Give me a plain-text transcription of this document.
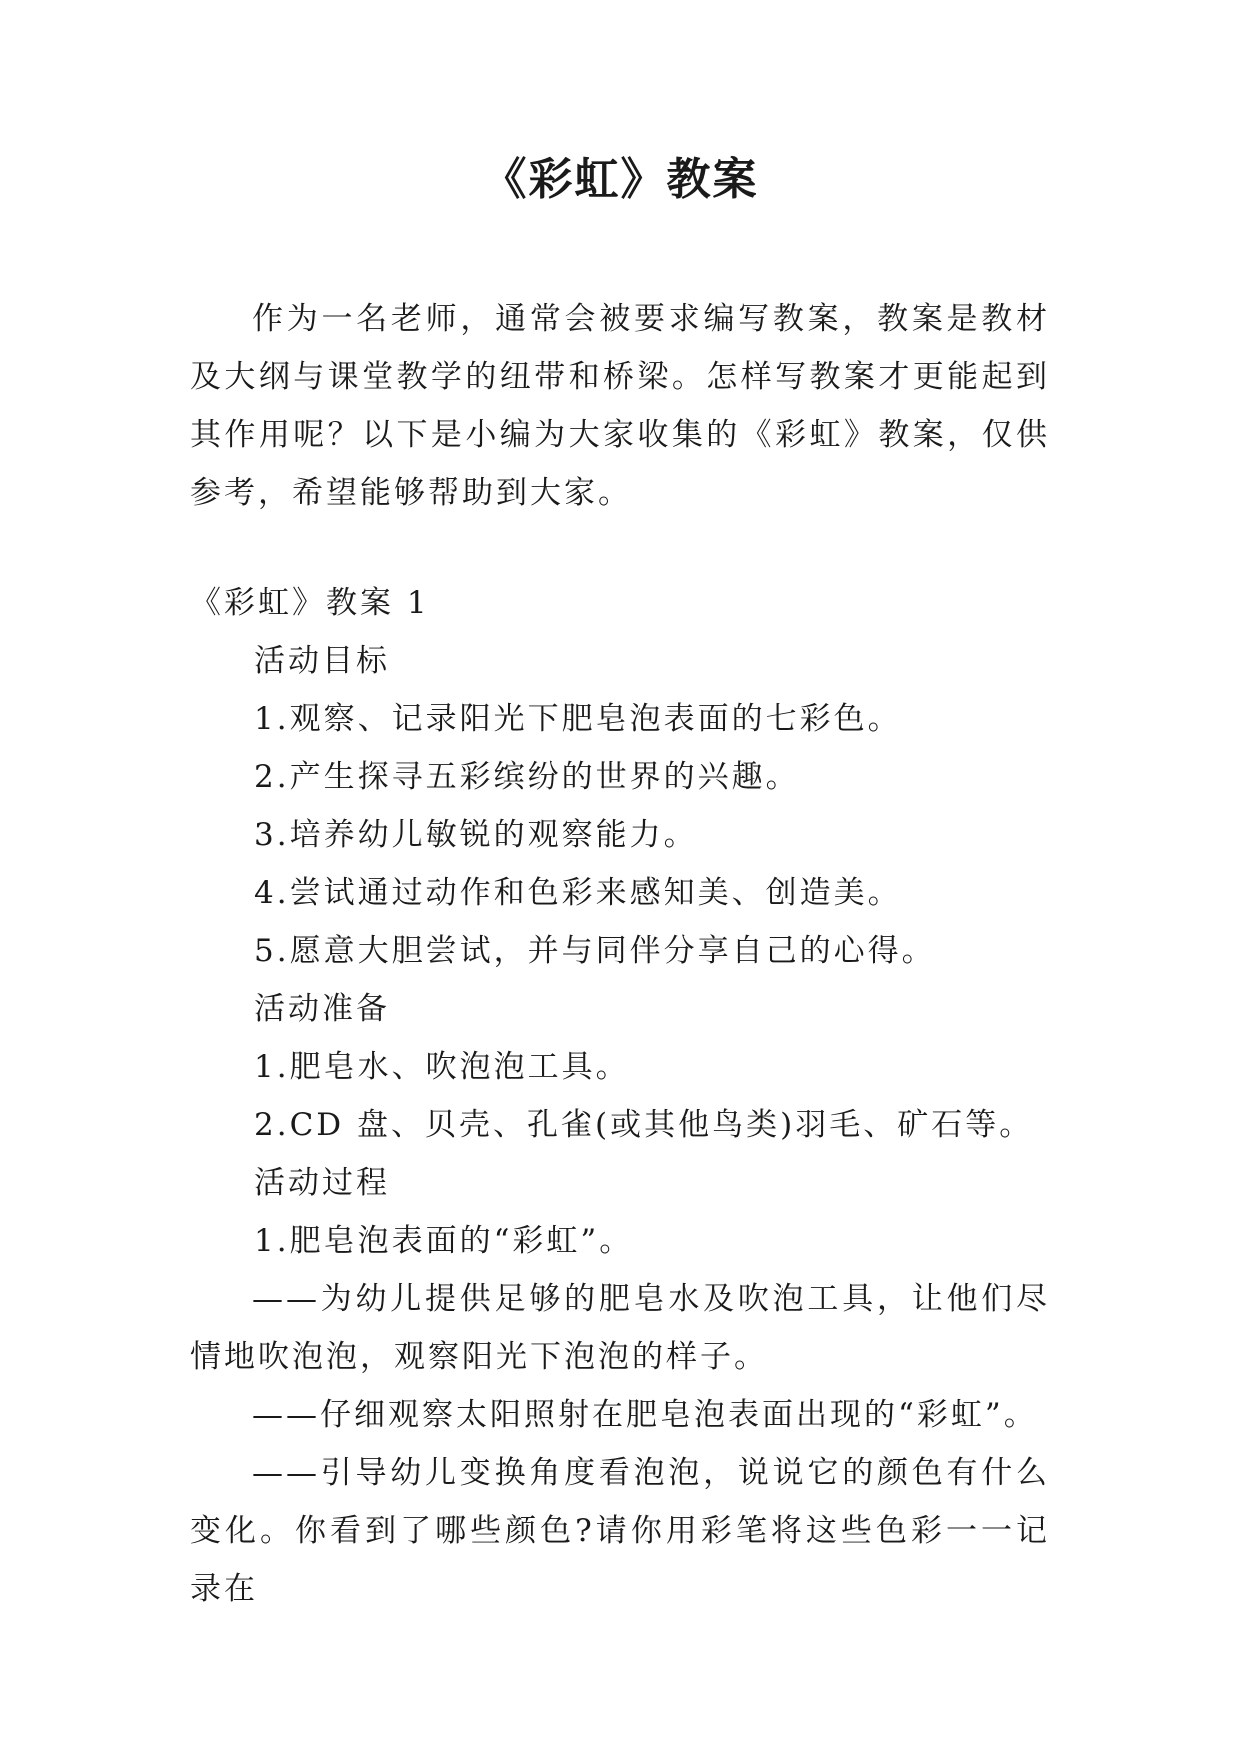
《彩虹》教案

作为一名老师，通常会被要求编写教案，教案是教材及大纲与课堂教学的纽带和桥梁。怎样写教案才更能起到其作用呢？以下是小编为大家收集的《彩虹》教案，仅供参考，希望能够帮助到大家。

《彩虹》教案 1

活动目标

1.观察、记录阳光下肥皂泡表面的七彩色。

2.产生探寻五彩缤纷的世界的兴趣。

3.培养幼儿敏锐的观察能力。

4.尝试通过动作和色彩来感知美、创造美。

5.愿意大胆尝试，并与同伴分享自己的心得。

活动准备

1.肥皂水、吹泡泡工具。

2.CD 盘、贝壳、孔雀(或其他鸟类)羽毛、矿石等。

活动过程

1.肥皂泡表面的“彩虹”。

——为幼儿提供足够的肥皂水及吹泡工具，让他们尽情地吹泡泡，观察阳光下泡泡的样子。

——仔细观察太阳照射在肥皂泡表面出现的“彩虹”。

——引导幼儿变换角度看泡泡，说说它的颜色有什么变化。你看到了哪些颜色?请你用彩笔将这些色彩一一记录在
